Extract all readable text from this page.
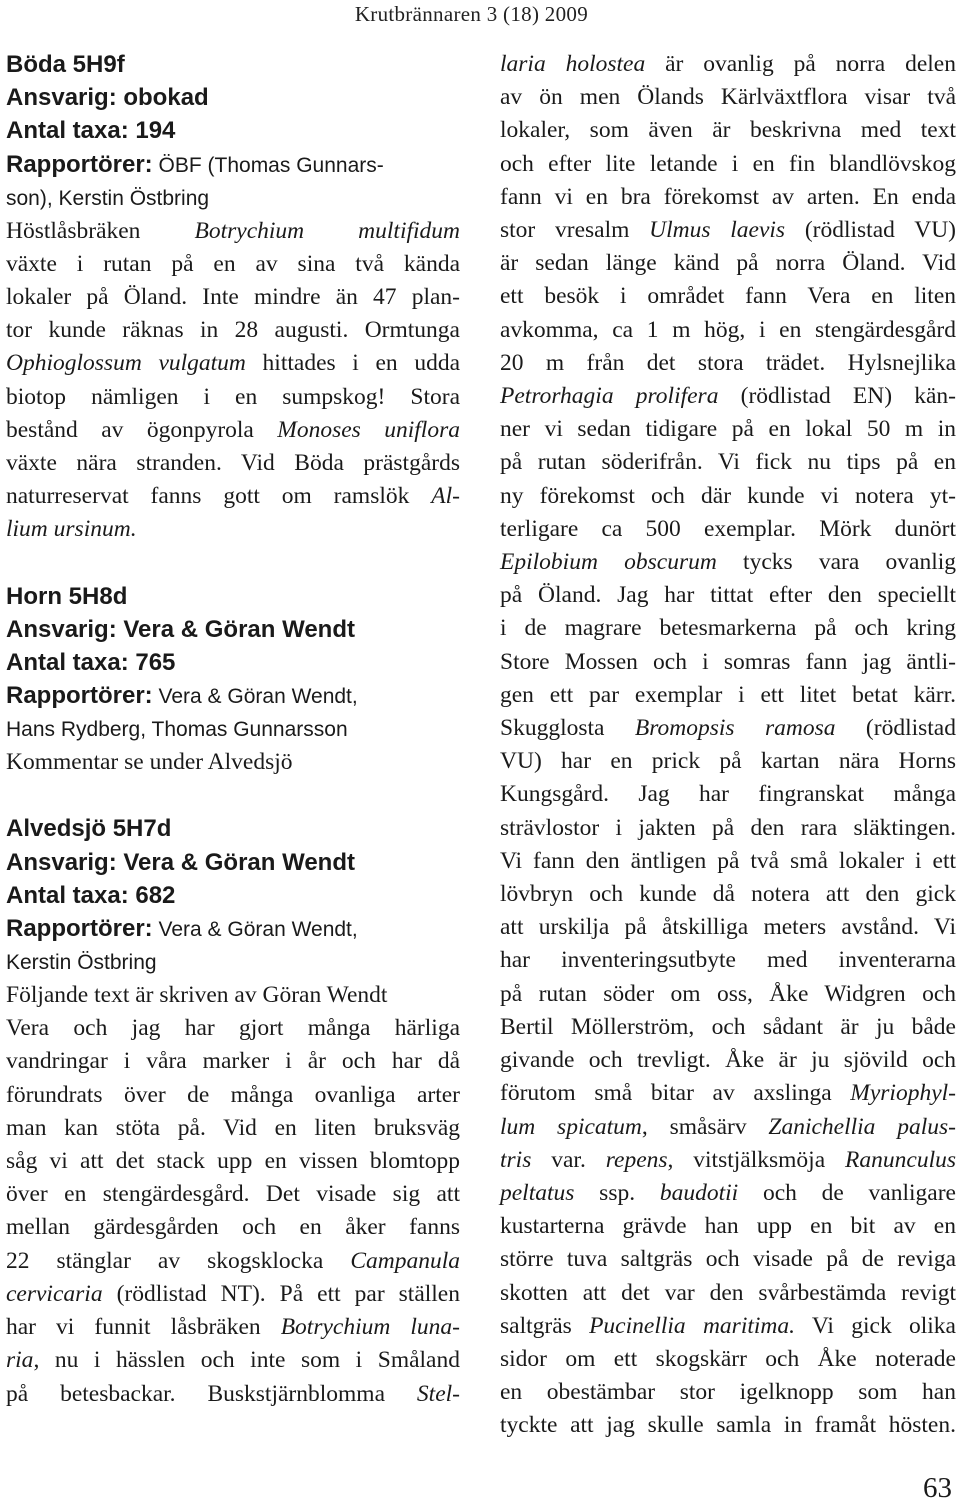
Krutbrännaren 3 (18) 2009
Böda 5H9f
Ansvarig: obokad
Antal taxa: 194
Rapportörer: ÖBF (Thomas Gunnars-
son), Kerstin Östbring
Höstlåsbräken Botrychium multifidum
växte i rutan på en av sina två kända
lokaler på Öland. Inte mindre än 47 plan-
tor kunde räknas in 28 augusti. Ormtunga
Ophioglossum vulgatum hittades i en udda
biotop nämligen i en sumpskog! Stora
bestånd av ögonpyrola Monoses uniflora
växte nära stranden. Vid Böda prästgårds
naturreservat fanns gott om ramslök Al-
lium ursinum.
Horn 5H8d
Ansvarig: Vera & Göran Wendt
Antal taxa: 765
Rapportörer: Vera & Göran Wendt,
Hans Rydberg, Thomas Gunnarsson
Kommentar se under Alvedsjö
Alvedsjö 5H7d
Ansvarig: Vera & Göran Wendt
Antal taxa: 682
Rapportörer: Vera & Göran Wendt,
Kerstin Östbring
Följande text är skriven av Göran Wendt
Vera och jag har gjort många härliga
vandringar i våra marker i år och har då
förundrats över de många ovanliga arter
man kan stöta på. Vid en liten bruksväg
såg vi att det stack upp en vissen blomtopp
över en stengärdesgård. Det visade sig att
mellan gärdesgården och en åker fanns
22 stänglar av skogsklocka Campanula
cervicaria (rödlistad NT). På ett par ställen
har vi funnit låsbräken Botrychium luna-
ria, nu i hässlen och inte som i Småland
på betesbackar. Buskstjärnblomma Stel-
laria holostea är ovanlig på norra delen
av ön men Ölands Kärlväxtflora visar två
lokaler, som även är beskrivna med text
och efter lite letande i en fin blandlövskog
fann vi en bra förekomst av arten. En enda
stor vresalm Ulmus laevis (rödlistad VU)
är sedan länge känd på norra Öland. Vid
ett besök i området fann Vera en liten
avkomma, ca 1 m hög, i en stengärdesgård
20 m från det stora trädet. Hylsnejlika
Petrorhagia prolifera (rödlistad EN) kän-
ner vi sedan tidigare på en lokal 50 m in
på rutan söderifrån. Vi fick nu tips på en
ny förekomst och där kunde vi notera yt-
terligare ca 500 exemplar. Mörk dunört
Epilobium obscurum tycks vara ovanlig
på Öland. Jag har tittat efter den speciellt
i de magrare betesmarkerna på och kring
Store Mossen och i somras fann jag äntli-
gen ett par exemplar i ett litet betat kärr.
Skugglosta Bromopsis ramosa (rödlistad
VU) har en prick på kartan nära Horns
Kungsgård. Jag har fingranskat många
strävlostor i jakten på den rara släktingen.
Vi fann den äntligen på två små lokaler i ett
lövbryn och kunde då notera att den gick
att urskilja på åtskilliga meters avstånd. Vi
har inventeringsutbyte med inventerarna
på rutan söder om oss, Åke Widgren och
Bertil Möllerström, och sådant är ju både
givande och trevligt. Åke är ju sjövild och
förutom små bitar av axslinga Myriophyl-
lum spicatum, småsärv Zanichellia palus-
tris var. repens, vitstjälksmöja Ranunculus
peltatus ssp. baudotii och de vanligare
kustarterna grävde han upp en bit av en
större tuva saltgräs och visade på de reviga
skotten att det var den svårbestämda revigt
saltgräs Pucinellia maritima. Vi gick olika
sidor om ett skogskärr och Åke noterade
en obestämbar stor igelknopp som han
tyckte att jag skulle samla in framåt hösten.
63
